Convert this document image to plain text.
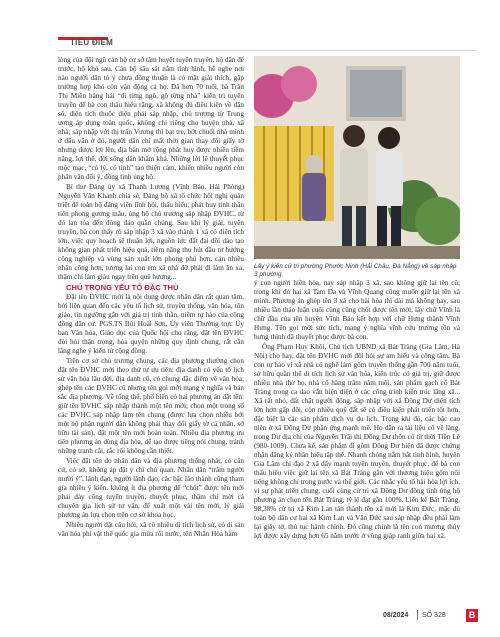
TIÊU ĐIỂM
Lấy ý kiến cử tri phường Phước Ninh (Hải Châu, Đà Nẵng) về sáp nhập 3 phường.

lòng của đội ngũ cán bộ cơ sở tâm huyết tuyên truyền, hộ dân để trước, hộ khó sau. Cán bộ sâu sát nắm tình hình, hễ nghe nơi nào người dân tỏ ý chưa đồng thuận là có mặt giải thích, gặp trường hợp khó còn vận động cả họ. Đã hơn 70 tuổi, bà Trần Thị Miền hăng hái “đi từng ngõ, gõ từng nhà” kiên trì tuyên truyền để bà con thấu hiểu rằng, xã không đủ điều kiện về dân số, diện tích thuộc diện phải sáp nhập, chủ trương từ Trung ương áp dụng toàn quốc, không chỉ riêng cho huyện nhà, xã nhà; sáp nhập với thị trấn Vương thì bạt tre, bớt chuối nhà mình ở đâu vẫn ở đó, người dân chỉ mất thời gian thay đổi giấy tờ nhưng được lợi lên, địa bàn mở rộng phát huy được nhiều tiềm năng, lợi thế, đời sống dân khấm khá. Những lời lẽ thuyết phục mộc mạc, “có lý, có tình” tạo thiện cảm, khiến nhiều người còn phân vân đổi ý, đồng tình ủng hộ.

Bí thư Đảng ủy xã Thanh Lương (Vĩnh Bảo, Hải Phòng) Nguyễn Văn Khanh chia sẻ, Đảng bộ xã tổ chức hội nghị quán triệt để toàn bộ đảng viên lĩnh hội, thấu hiểu, phát huy tinh thần tiên phong gương mẫu, ủng hộ chủ trương sáp nhập ĐVHC, từ đó lan tỏa đến đông đảo quần chúng. Sau khi lý giải, tuyên truyền, bà con thấy rõ sáp nhập 3 xã vào thành 1 xã có diện tích lớn, việc quy hoạch sẽ thuận lợi, nguồn lực đất đai dồi dào tạo không gian phát triển hiệu quả, tiềm năng thu hút đầu tư hướng công nghiệp và vùng sản xuất lớn phong phú hơn, cán nhiều nhân công hơn, tương lai con em xã nhà đỡ phải đi làm ăn xa, thậm chí làm giàu ngay trên quê hương...

CHÚ TRỌNG YẾU TỐ ĐẶC THÙ

Đặt tên ĐVHC mới là nội dung được nhân dân rất quan tâm, bởi liên quan đến các yếu tố lịch sử, truyền thống, văn hóa, tôn giáo, tín ngưỡng gắn với giá trị tinh thần, niềm tự hào của cộng đồng dân cư. PGS.TS Bùi Hoài Sơn, Ủy viên Thường trực Ủy ban Văn hóa, Giáo dục của Quốc hội cho rằng, đặt tên ĐVHC đòi hỏi thận trọng, hòa quyện những quy định chung, rất cần lắng nghe ý kiến từ cộng đồng.

Trên cơ sở chủ trương chung, các địa phương thường chọn đặt tên ĐVHC mới theo thứ tự ưu tiên: địa danh có yếu tố lịch sử văn hóa lâu đời, địa danh cũ, có chung đặc điểm về văn hóa; ghép tên các ĐVHC cũ nhưng tên gọi mới mang ý nghĩa và bản sắc địa phương. Về tổng thể, phổ biến có hai phương án đặt tên: giữ tên ĐVHC sáp nhập thành một tên mới; chọn một trong số các ĐVHC sáp nhập làm tên chung (được lựa chọn nhiều bởi một bộ phận người dân không phải thay đổi giấy tờ cá nhân, sở hữu tài sản), đặt một tên mới hoàn toàn. Nhiều địa phương ưu tiên phương án dùng địa hòa, dễ tạo được tiếng nói chung, tránh những tranh cãi, rắc rối không cần thiết.

Việc đặt tên do nhân dân và địa phương thống nhất, có cân cứ, có sở, không áp đặt ý chí chủ quan. Nhân dân “trăm người mười ý”, lãnh đạo, người lãnh đạo, các bậc lão thành cũng tham gia nhiều ý kiến, không ít địa phương để “chốt” được tên mới phải dày công tuyên truyền, thuyết phục, thậm chí mời cả chuyên gia lịch sử tư vấn, để xuất một vài tên mới, lý giải phương án lựa chọn trên cơ sở khoa học.

Nhiều người dật câu hỏi, xã cô nhiều di tích lịch sử, có di sản văn hóa phi vật thể quốc gia mừa rối nước, tên Nhân Hòa hàm

ý con người hiền hòa, nay sáp nhập 3 xã, sao không giữ lại tên cũ; trong khi đó hai xã Tam Đa và Vĩnh Quang cũng muốn giữ lại tên xã mình. Phương án ghép tên 3 xã cho hài hòa thì dài mà không hay, sau nhiều lần thảo luận cuối cùng cũng chốt được tên mới, lấy chữ Vĩnh là chữ đầu của tên huyện Vĩnh Bảo kết hợp với chữ Hưng thành Vĩnh Hưng. Tên gọi mới sức tích, mang ý nghĩa vĩnh cửu trường tồn và hưng thịnh đã thuyết phục được bà con.

Ông Phạm Huy Khôi, Chủ tịch UBND xã Bát Tràng (Gia Lâm, Hà Nội) cho hay, đặt tên ĐVHC mới đòi hỏi sự am hiểu và công tâm. Bà con tự hào vì xã nhà có nghề làm gốm truyền thống gần 700 năm tuổi, sở hữu quần thể di tích lịch sử văn hóa, kiến trúc có giá trị, giữ được nhiều nhà thờ họ, nhà cổ hàng trăm năm tuổi, sản phẩm gạch cổ Bát Tràng trong ca dao vẫn hiện diện ở các công trình kiến trúc lăng xã... Xã rất nhỏ, đất chật người đông, sáp nhập với xã Đông Dư diện tích lớn hơn gấp đôi, còn nhiều quỹ đất sẽ có điều kiện phát triển tốt hơn, đặc biệt là các sản phẩm dịch vụ du lịch. Trong khi đó, các bậc cao niên ở xã Đông Dư phần ứng mạnh mẽ. Họ dẫn ra tài liệu cổ về làng, trong Dư địa chí của Nguyễn Trãi thì Đông Dư thôn có từ thời Tiền Lê (980-1009). Chưa kể, sản phẩm đi gồm Đông Dư hiện đã được chứng nhận đăng ký nhãn hiệu tập thể. Nhanh chóng nắm bắt tình hình, huyện Gia Lâm chỉ đạo 2 xã đẩy mạnh tuyên truyền, thuyết phục, để bà con thấu hiểu việc giữ lại tên xã Bát Tràng gắn với thương hiệu gốm nổi tiếng không chỉ trong nước và thế giới. Các nhắc yếu tố hài hòa lợi ích, vì sự phát triển chung, cuối cùng cử tri xã Đông Dư đồng tình ủng hộ phương án chọn tên Bát Tràng, tỷ lệ đạt gần 100%. Liên kế Bát Tràng, 98,38% cử tri xã Kim Lan tán thành tên xã mới là Kim Đức, mặc dù toàn bộ dân cư hai xã Kim Lan và Văn Đức sau sáp nhập đều phải làm lại giấy tờ, thủ tục hành chính. Đó cũng chính là tên con mương thủy lợi được xây dựng hơn 65 năm trước ở vùng giáp ranh giữa hai xã.

08/2024 SỐ 328	B
